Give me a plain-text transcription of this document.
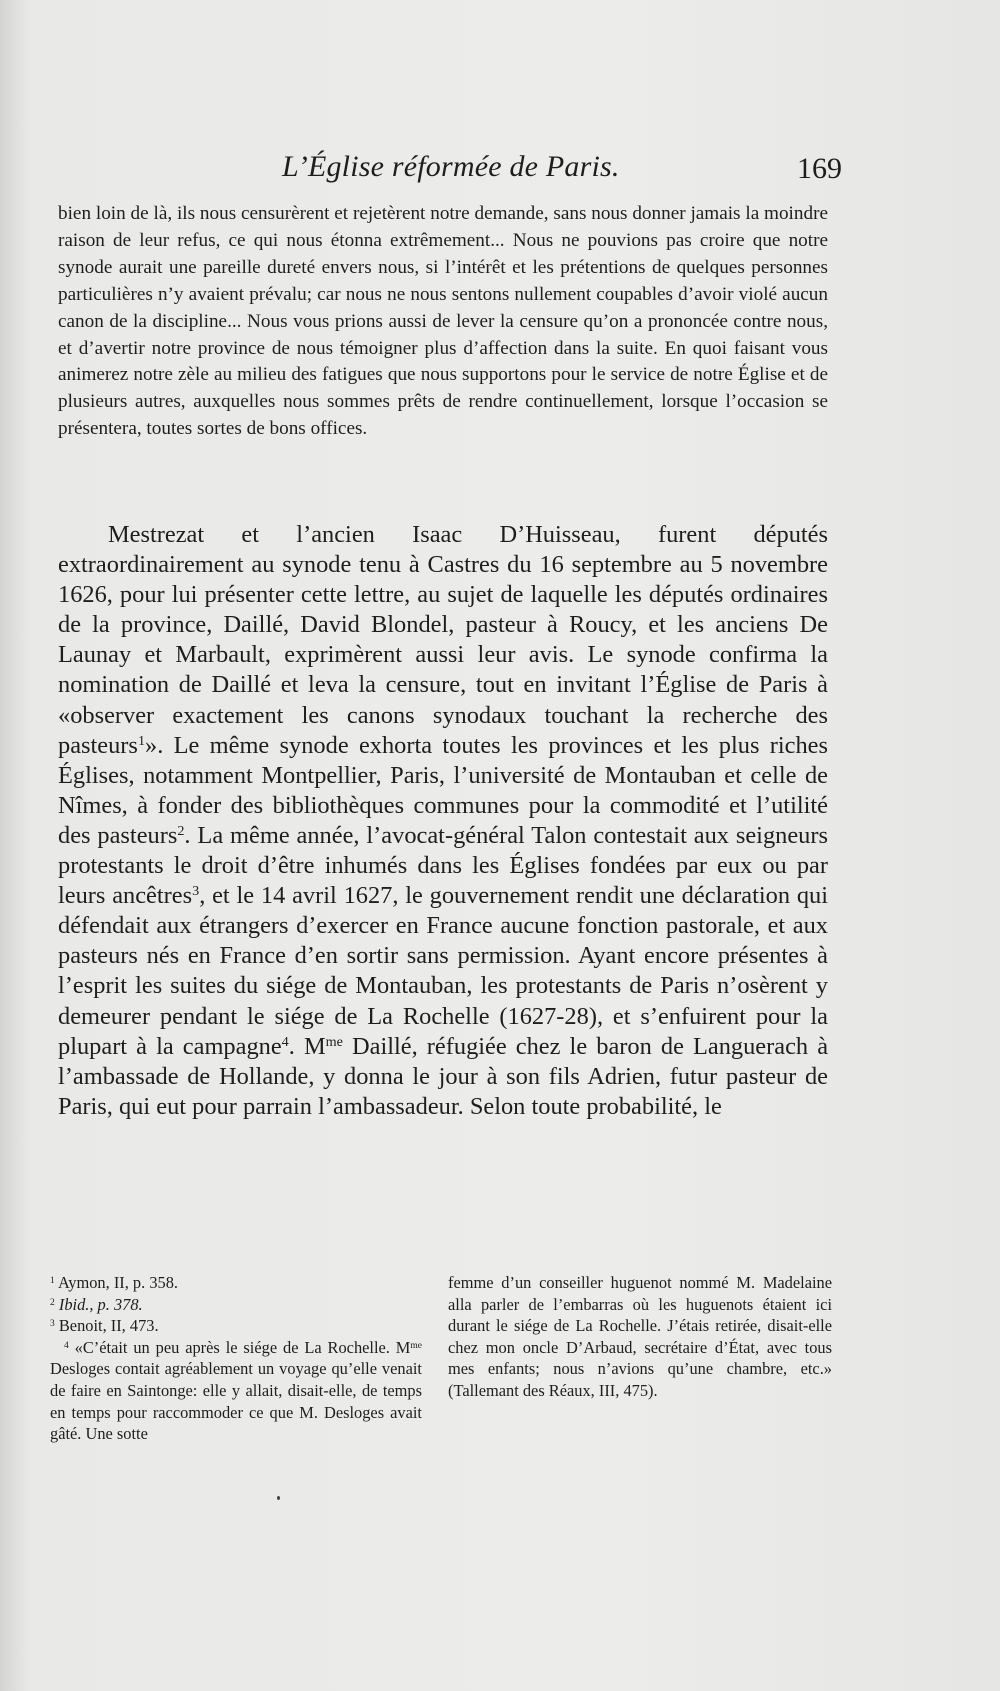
L’Église réformée de Paris.	169

bien loin de là, ils nous censurèrent et rejetèrent notre demande, sans nous donner jamais la moindre raison de leur refus, ce qui nous étonna extrêmement... Nous ne pouvions pas croire que notre synode aurait une pareille dureté envers nous, si l’intérêt et les prétentions de quelques personnes particulières n’y avaient prévalu; car nous ne nous sentons nullement coupables d’avoir violé aucun canon de la discipline... Nous vous prions aussi de lever la censure qu’on a prononcée contre nous, et d’avertir notre province de nous témoigner plus d’affection dans la suite. En quoi faisant vous animerez notre zèle au milieu des fatigues que nous supportons pour le service de notre Église et de plusieurs autres, auxquelles nous sommes prêts de rendre continuellement, lorsque l’occasion se présentera, toutes sortes de bons offices.

Mestrezat et l’ancien Isaac D’Huisseau, furent députés extraordinairement au synode tenu à Castres du 16 septembre au 5 novembre 1626, pour lui présenter cette lettre, au sujet de laquelle les députés ordinaires de la province, Daillé, David Blondel, pasteur à Roucy, et les anciens De Launay et Marbault, exprimèrent aussi leur avis. Le synode confirma la nomination de Daillé et leva la censure, tout en invitant l’Église de Paris à «observer exactement les canons synodaux touchant la recherche des pasteurs$^1$». Le même synode exhorta toutes les provinces et les plus riches Églises, notamment Montpellier, Paris, l’université de Montauban et celle de Nîmes, à fonder des bibliothèques communes pour la commodité et l’utilité des pasteurs$^2$. La même année, l’avocat-général Talon contestait aux seigneurs protestants le droit d’être inhumés dans les Églises fondées par eux ou par leurs ancêtres$^3$, et le 14 avril 1627, le gouvernement rendit une déclaration qui défendait aux étrangers d’exercer en France aucune fonction pastorale, et aux pasteurs nés en France d’en sortir sans permission. Ayant encore présentes à l’esprit les suites du siége de Montauban, les protestants de Paris n’osèrent y demeurer pendant le siége de La Rochelle (1627-28), et s’enfuirent pour la plupart à la campagne$^4$. $M^{me}$ Daillé, réfugiée chez le baron de Languerach à l’ambassade de Hollande, y donna le jour à son fils Adrien, futur pasteur de Paris, qui eut pour parrain l’ambassadeur. Selon toute probabilité, le

$^1$ Aymon, II, p. 358.

$^2$ Ibid., p. 378.

$^3$ Benoit, II, 473.

$^4$ «C’était un peu après le siége de La Rochelle. $M^{me}$ Desloges contait agréablement un voyage qu’elle venait de faire en Saintonge: elle y allait, disait-elle, de temps en temps pour raccommoder ce que M. Desloges avait gâté. Une sotte

femme d’un conseiller huguenot nommé M. Madelaine alla parler de l’embarras où les huguenots étaient ici durant le siége de La Rochelle. J’étais retirée, disait-elle chez mon oncle D’Arbaud, secrétaire d’État, avec tous mes enfants; nous n’avions qu’une chambre, etc.» (Tallemant des Réaux, III, 475).
